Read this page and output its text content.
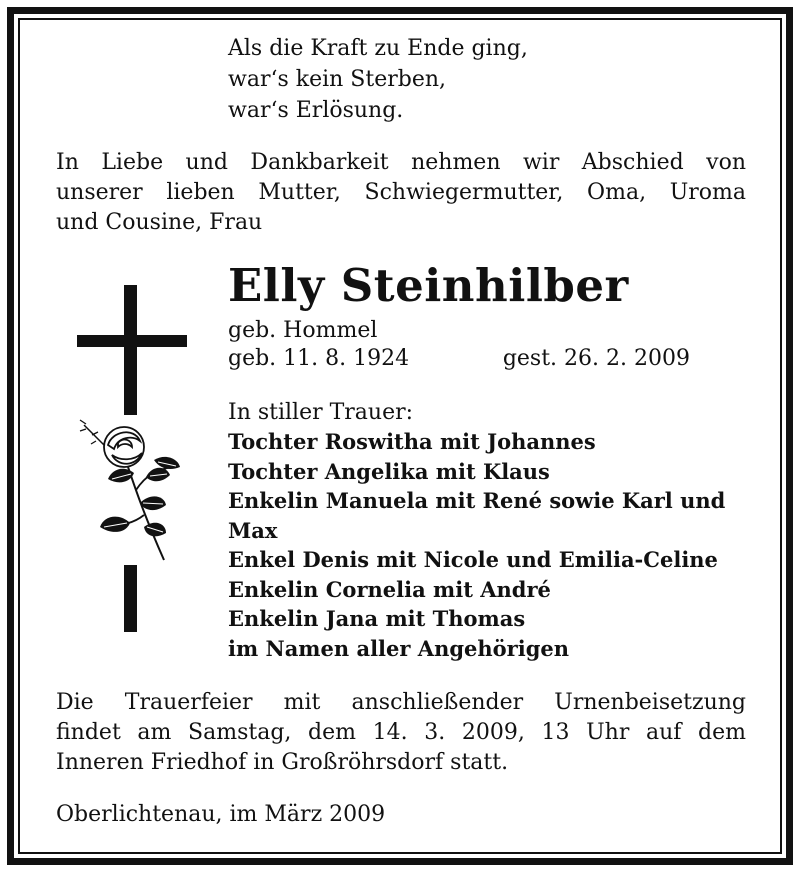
Als die Kraft zu Ende ging,
war‘s kein Sterben,
war‘s Erlösung.
In Liebe und Dankbarkeit nehmen wir Abschied von
unserer lieben Mutter, Schwiegermutter, Oma, Uroma
und Cousine, Frau
Elly Steinhilber
geb. Hommel
geb. 11. 8. 1924	gest. 26. 2. 2009
In stiller Trauer:
Tochter Roswitha mit Johannes
Tochter Angelika mit Klaus
Enkelin Manuela mit René sowie Karl und
Max
Enkel Denis mit Nicole und Emilia-Celine
Enkelin Cornelia mit André
Enkelin Jana mit Thomas
im Namen aller Angehörigen
Die Trauerfeier mit anschließender Urnenbeisetzung
findet am Samstag, dem 14. 3. 2009, 13 Uhr auf dem
Inneren Friedhof in Großröhrsdorf statt.
Oberlichtenau, im März 2009
